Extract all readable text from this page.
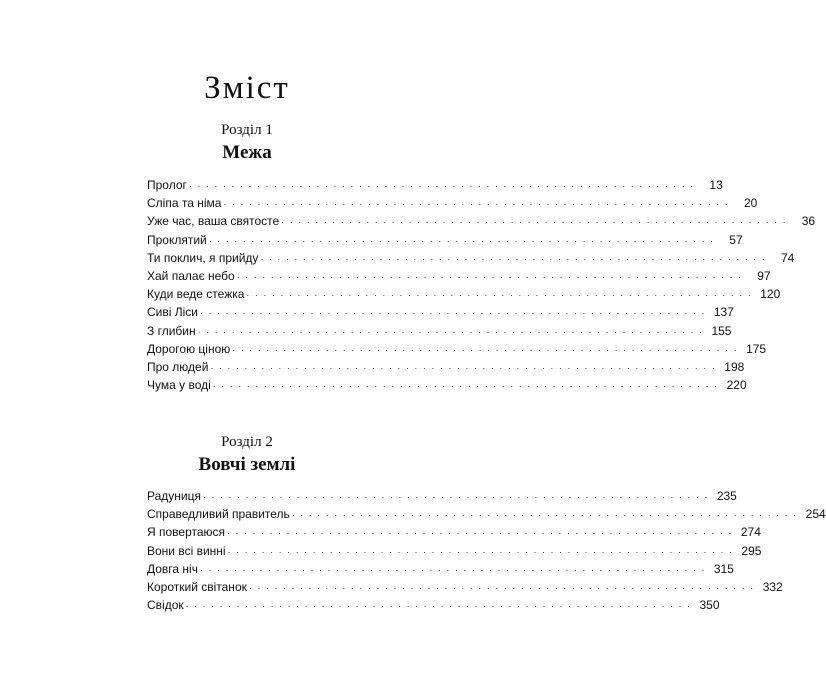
Зміст
Розділ 1
Межа
Пролог · · · · · · · · · · · · · · · · · · · · · · · · · · · · · · · · · · · · · · · · · · · · · · · · · · · · · · · · · · · ·	13
Сліпа та німа · · · · · · · · · · · · · · · · · · · · · · · · · · · · · · · · · · · · · · · · · · · · · · · · · · · · · · · · · · · ·	20
Уже час, ваша святосте · · · · · · · · · · · · · · · · · · · · · · · · · · · · · · · · · · · · · · · · · · · · · · · · · · · · · · · · · · · ·	36
Проклятий · · · · · · · · · · · · · · · · · · · · · · · · · · · · · · · · · · · · · · · · · · · · · · · · · · · · · · · · · · · ·	57
Ти поклич, я прийду · · · · · · · · · · · · · · · · · · · · · · · · · · · · · · · · · · · · · · · · · · · · · · · · · · · · · · · · · · · ·	74
Хай палає небо · · · · · · · · · · · · · · · · · · · · · · · · · · · · · · · · · · · · · · · · · · · · · · · · · · · · · · · · · · · ·	97
Куди веде стежка · · · · · · · · · · · · · · · · · · · · · · · · · · · · · · · · · · · · · · · · · · · · · · · · · · · · · · · · · · · · 120
Сиві Ліси · · · · · · · · · · · · · · · · · · · · · · · · · · · · · · · · · · · · · · · · · · · · · · · · · · · · · · · · · · · · 137
З глибин · · · · · · · · · · · · · · · · · · · · · · · · · · · · · · · · · · · · · · · · · · · · · · · · · · · · · · · · · · · · 155
Дорогою ціною · · · · · · · · · · · · · · · · · · · · · · · · · · · · · · · · · · · · · · · · · · · · · · · · · · · · · · · · · · · · 175
Про людей · · · · · · · · · · · · · · · · · · · · · · · · · · · · · · · · · · · · · · · · · · · · · · · · · · · · · · · · · · · · 198
Чума у воді · · · · · · · · · · · · · · · · · · · · · · · · · · · · · · · · · · · · · · · · · · · · · · · · · · · · · · · · · · · · 220
Розділ 2
Вовчі землі
Радуниця · · · · · · · · · · · · · · · · · · · · · · · · · · · · · · · · · · · · · · · · · · · · · · · · · · · · · · · · · · · · 235
Справедливий правитель · · · · · · · · · · · · · · · · · · · · · · · · · · · · · · · · · · · · · · · · · · · · · · · · · · · · · · · · · · · · 254
Я повертаюся · · · · · · · · · · · · · · · · · · · · · · · · · · · · · · · · · · · · · · · · · · · · · · · · · · · · · · · · · · · · 274
Вони всі винні · · · · · · · · · · · · · · · · · · · · · · · · · · · · · · · · · · · · · · · · · · · · · · · · · · · · · · · · · · · · 295
Довга ніч · · · · · · · · · · · · · · · · · · · · · · · · · · · · · · · · · · · · · · · · · · · · · · · · · · · · · · · · · · · · 315
Короткий світанок · · · · · · · · · · · · · · · · · · · · · · · · · · · · · · · · · · · · · · · · · · · · · · · · · · · · · · · · · · · · 332
Свідок · · · · · · · · · · · · · · · · · · · · · · · · · · · · · · · · · · · · · · · · · · · · · · · · · · · · · · · · · · · · 350
